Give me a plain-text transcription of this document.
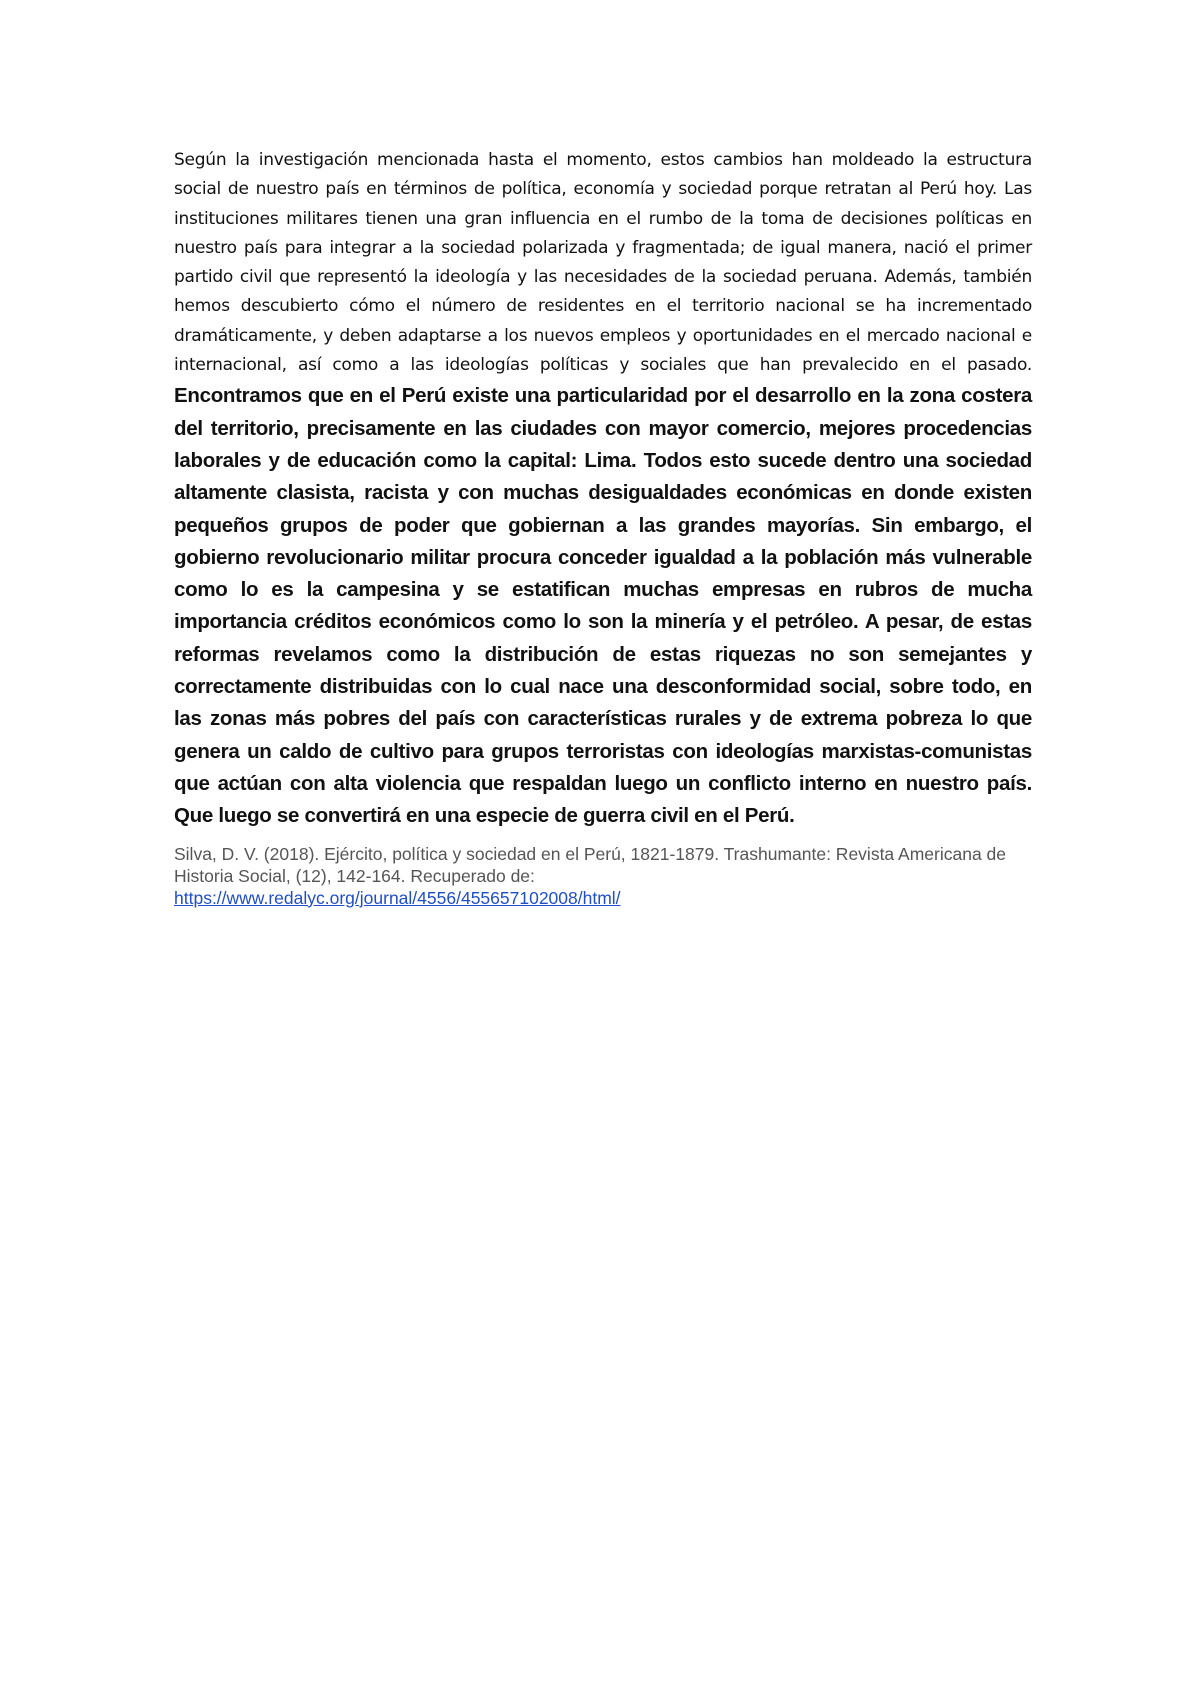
Según la investigación mencionada hasta el momento, estos cambios han moldeado la estructura social de nuestro país en términos de política, economía y sociedad porque retratan al Perú hoy. Las instituciones militares tienen una gran influencia en el rumbo de la toma de decisiones políticas en nuestro país para integrar a la sociedad polarizada y fragmentada; de igual manera, nació el primer partido civil que representó la ideología y las necesidades de la sociedad peruana. Además, también hemos descubierto cómo el número de residentes en el territorio nacional se ha incrementado dramáticamente, y deben adaptarse a los nuevos empleos y oportunidades en el mercado nacional e internacional, así como a las ideologías políticas y sociales que han prevalecido en el pasado. Encontramos que en el Perú existe una particularidad por el desarrollo en la zona costera del territorio, precisamente en las ciudades con mayor comercio, mejores procedencias laborales y de educación como la capital: Lima. Todos esto sucede dentro una sociedad altamente clasista, racista y con muchas desigualdades económicas en donde existen pequeños grupos de poder que gobiernan a las grandes mayorías. Sin embargo, el gobierno revolucionario militar procura conceder igualdad a la población más vulnerable como lo es la campesina y se estatifican muchas empresas en rubros de mucha importancia créditos económicos como lo son la minería y el petróleo. A pesar, de estas reformas revelamos como la distribución de estas riquezas no son semejantes y correctamente distribuidas con lo cual nace una desconformidad social, sobre todo, en las zonas más pobres del país con características rurales y de extrema pobreza lo que genera un caldo de cultivo para grupos terroristas con ideologías marxistas-comunistas que actúan con alta violencia que respaldan luego un conflicto interno en nuestro país. Que luego se convertirá en una especie de guerra civil en el Perú.

Silva, D. V. (2018). Ejército, política y sociedad en el Perú, 1821-1879. Trashumante: Revista Americana de Historia Social, (12), 142-164. Recuperado de:
https://www.redalyc.org/journal/4556/455657102008/html/
